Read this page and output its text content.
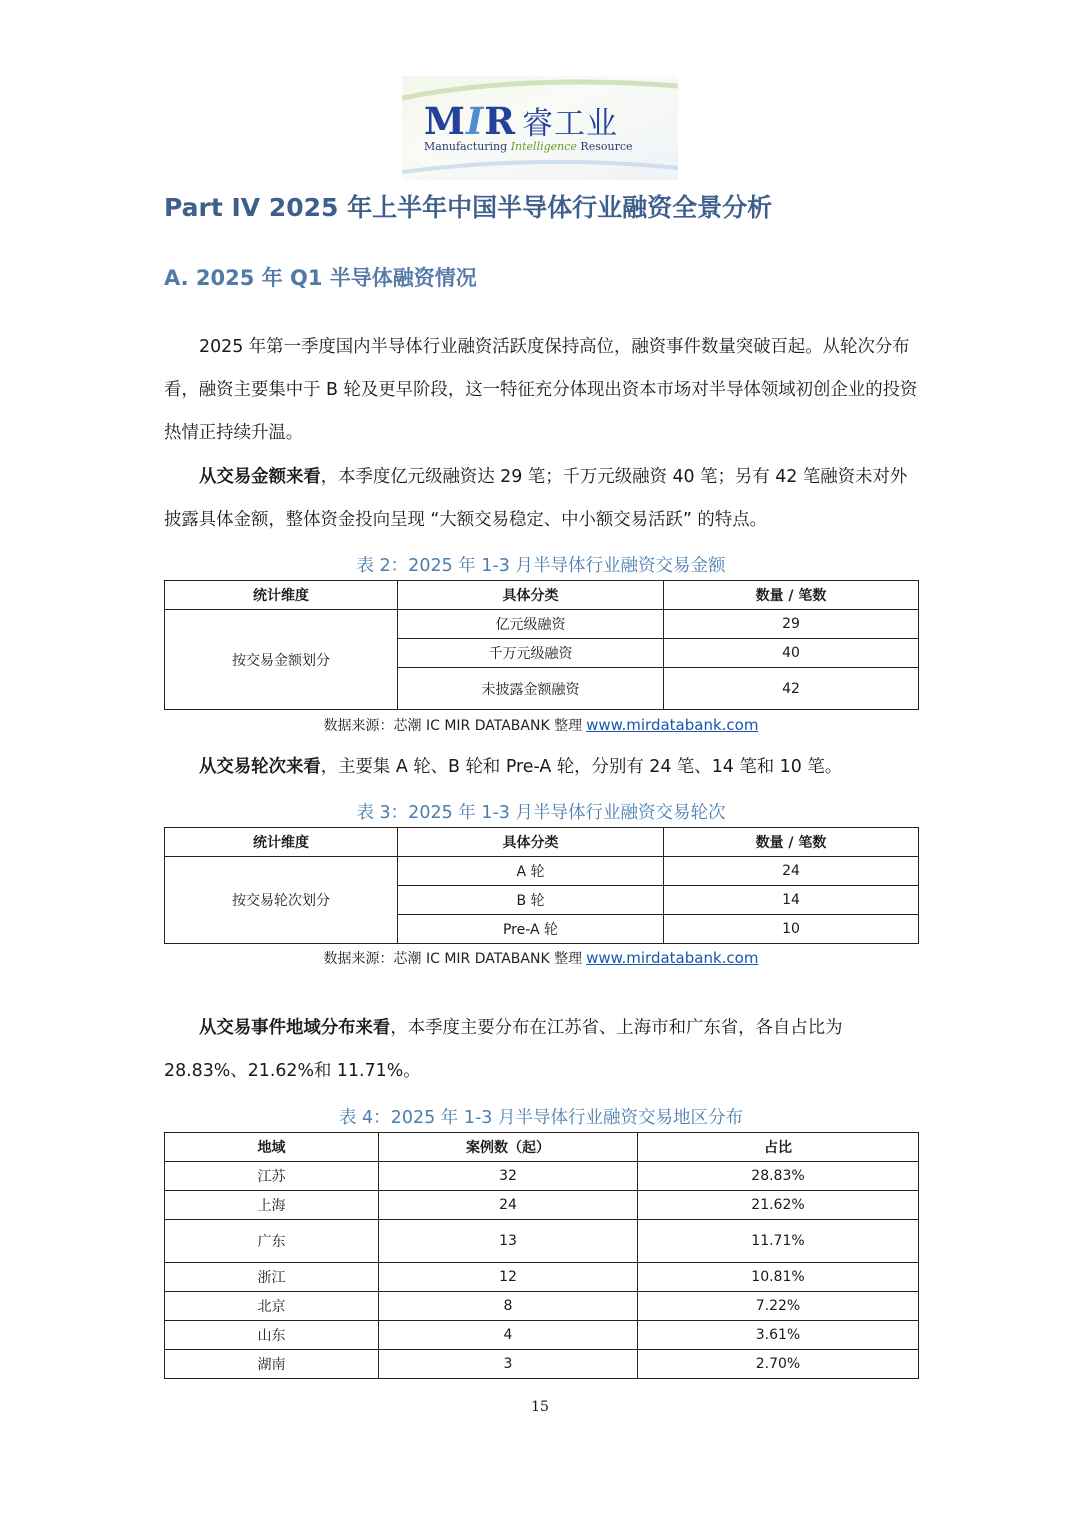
MIR 睿工业
Manufacturing Intelligence Resource
Part IV 2025 年上半年中国半导体行业融资全景分析
A. 2025 年 Q1 半导体融资情况

2025 年第一季度国内半导体行业融资活跃度保持高位，融资事件数量突破百起。从轮次分布看，融资主要集中于 B 轮及更早阶段，这一特征充分体现出资本市场对半导体领域初创企业的投资热情正持续升温。

从交易金额来看，本季度亿元级融资达 29 笔；千万元级融资 40 笔；另有 42 笔融资未对外披露具体金额，整体资金投向呈现 “大额交易稳定、中小额交易活跃” 的特点。

表 2：2025 年 1-3 月半导体行业融资交易金额
统计维度	具体分类	数量 / 笔数
按交易金额划分	亿元级融资	29
	千万元级融资	40
	未披露金额融资	42
数据来源：芯潮 IC MIR DATABANK 整理 www.mirdatabank.com

从交易轮次来看，主要集 A 轮、B 轮和 Pre-A 轮，分别有 24 笔、14 笔和 10 笔。

表 3：2025 年 1-3 月半导体行业融资交易轮次
统计维度	具体分类	数量 / 笔数
按交易轮次划分	A 轮	24
	B 轮	14
	Pre-A 轮	10
数据来源：芯潮 IC MIR DATABANK 整理 www.mirdatabank.com

从交易事件地域分布来看，本季度主要分布在江苏省、上海市和广东省，各自占比为 28.83%、21.62%和 11.71%。

表 4：2025 年 1-3 月半导体行业融资交易地区分布
地域	案例数（起）	占比
江苏	32	28.83%
上海	24	21.62%
广东	13	11.71%
浙江	12	10.81%
北京	8	7.22%
山东	4	3.61%
湖南	3	2.70%
15
